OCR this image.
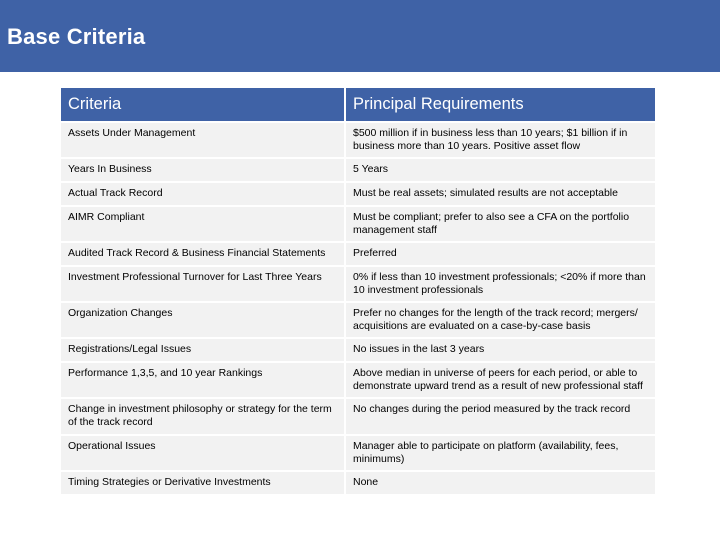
Base Criteria
Criteria	Principal Requirements
Assets Under Management	$500 million if in business less than 10 years; $1 billion if in business more than 10 years. Positive asset flow
Years In Business	5 Years
Actual Track Record	Must be real assets; simulated results are not acceptable
AIMR Compliant	Must be compliant; prefer to also see a CFA on the portfolio management staff
Audited Track Record & Business Financial Statements	Preferred
Investment Professional Turnover for Last Three Years	0% if less than 10 investment professionals; <20% if more than 10 investment professionals
Organization Changes	Prefer no changes for the length of the track record; mergers/ acquisitions are evaluated on a case-by-case basis
Registrations/Legal Issues	No issues in the last 3 years
Performance 1,3,5, and 10 year Rankings	Above median in universe of peers for each period, or able to demonstrate upward trend as a result of new professional staff
Change in investment philosophy or strategy for the term of the track record	No changes during the period measured by the track record
Operational Issues	Manager able to participate on platform (availability, fees, minimums)
Timing Strategies or Derivative Investments	None
